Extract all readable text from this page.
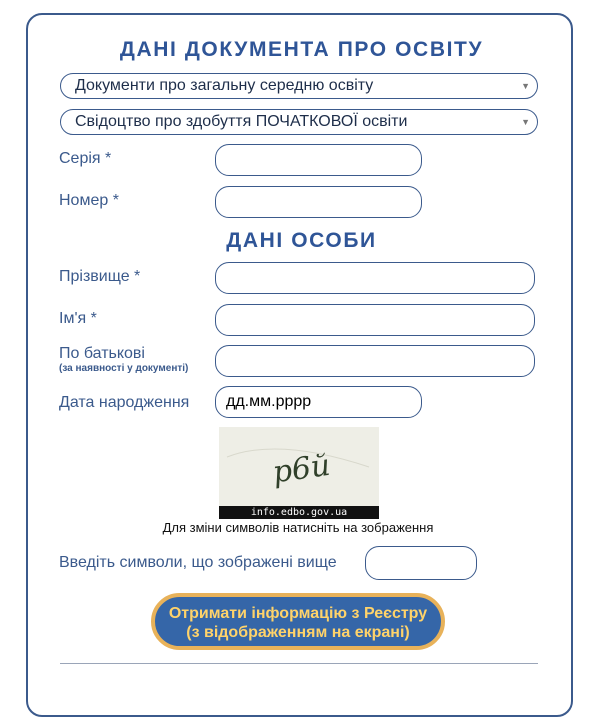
ДАНІ ДОКУМЕНТА ПРО ОСВІТУ
Документи про загальну середню освіту	▼
Свідоцтво про здобуття ПОЧАТКОВОЇ освіти	▼
Серія *
Номер *
ДАНІ ОСОБИ
Прізвище *
Ім'я *
По батькові
(за наявності у документі)
Дата народження
дд.мм.рррр
р6й
info.edbo.gov.ua
Для зміни символів натисніть на зображення
Введіть символи, що зображені вище
Отримати інформацію з Реєстру
(з відображенням на екрані)
